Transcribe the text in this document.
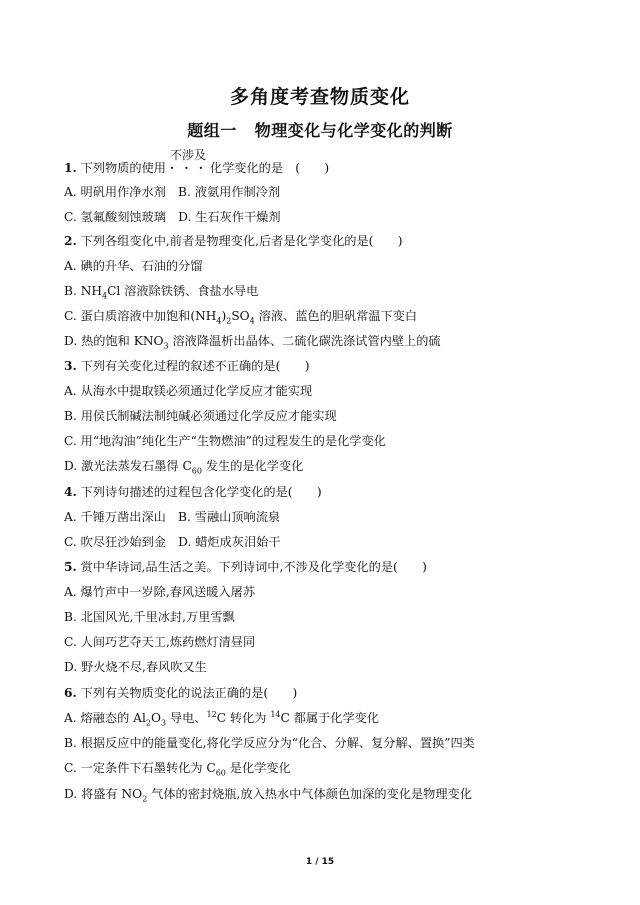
多角度考查物质变化
题组一 物理变化与化学变化的判断
不涉及
1. 下列物质的使用 · · · 化学变化的是　(　　)
A. 明矾用作净水剂　B. 液氨用作制冷剂
C. 氢氟酸刻蚀玻璃　D. 生石灰作干燥剂
2. 下列各组变化中,前者是物理变化,后者是化学变化的是(　　)
A. 碘的升华、石油的分馏
B. $NH_4Cl$ 溶液除铁锈、食盐水导电
C. 蛋白质溶液中加饱和$(NH_4)_2SO_4$ 溶液、蓝色的胆矾常温下变白
D. 热的饱和 $KNO_3$ 溶液降温析出晶体、二硫化碳洗涤试管内壁上的硫
3. 下列有关变化过程的叙述不正确的是(　　)
A. 从海水中提取镁必须通过化学反应才能实现
B. 用侯氏制碱法制纯碱必须通过化学反应才能实现
C. 用“地沟油”纯化生产“生物燃油”的过程发生的是化学变化
D. 激光法蒸发石墨得 $C_{60}$ 发生的是化学变化
4. 下列诗句描述的过程包含化学变化的是(　　)
A. 千锤万凿出深山　B. 雪融山顶响流泉
C. 吹尽狂沙始到金　D. 蜡炬成灰泪始干
5. 赏中华诗词,品生活之美。下列诗词中,不涉及化学变化的是(　　)
A. 爆竹声中一岁除,春风送暖入屠苏
B. 北国风光,千里冰封,万里雪飘
C. 人间巧艺夺天工,炼药燃灯清昼同
D. 野火烧不尽,春风吹又生
6. 下列有关物质变化的说法正确的是(　　)
A. 熔融态的 $Al_2O_3$ 导电、$^{12}$C 转化为 $^{14}$C 都属于化学变化
B. 根据反应中的能量变化,将化学反应分为“化合、分解、复分解、置换”四类
C. 一定条件下石墨转化为 $C_{60}$ 是化学变化
D. 将盛有 $NO_2$ 气体的密封烧瓶,放入热水中气体颜色加深的变化是物理变化
1 / 15
